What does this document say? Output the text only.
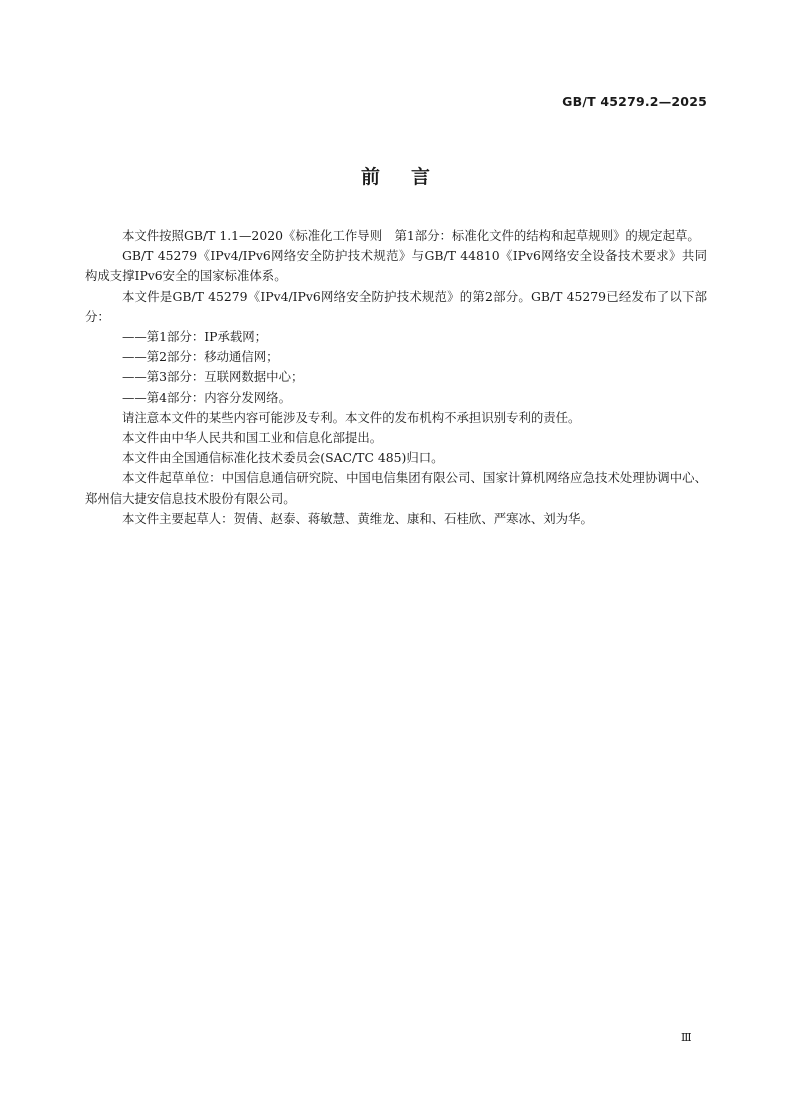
GB/T 45279.2—2025
前 言

本文件按照GB/T 1.1—2020《标准化工作导则　第1部分：标准化文件的结构和起草规则》的规定起草。

GB/T 45279《IPv4/IPv6网络安全防护技术规范》与GB/T 44810《IPv6网络安全设备技术要求》共同构成支撑IPv6安全的国家标准体系。

本文件是GB/T 45279《IPv4/IPv6网络安全防护技术规范》的第2部分。GB/T 45279已经发布了以下部分：

——第1部分：IP承载网；

——第2部分：移动通信网；

——第3部分：互联网数据中心；

——第4部分：内容分发网络。

请注意本文件的某些内容可能涉及专利。本文件的发布机构不承担识别专利的责任。

本文件由中华人民共和国工业和信息化部提出。

本文件由全国通信标准化技术委员会(SAC/TC 485)归口。

本文件起草单位：中国信息通信研究院、中国电信集团有限公司、国家计算机网络应急技术处理协调中心、郑州信大捷安信息技术股份有限公司。

本文件主要起草人：贺倩、赵泰、蒋敏慧、黄维龙、康和、石桂欣、严寒冰、刘为华。

Ⅲ
